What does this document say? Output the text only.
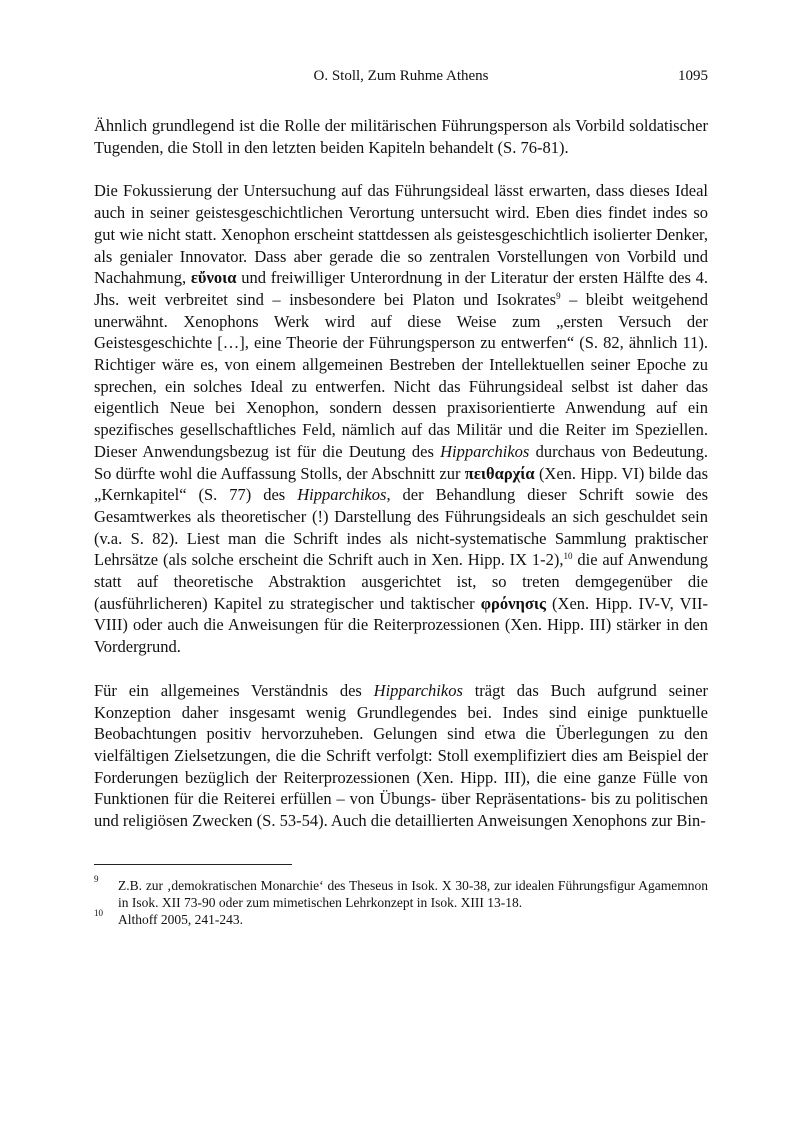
O. Stoll, Zum Ruhme Athens	1095

Ähnlich grundlegend ist die Rolle der militärischen Führungsperson als Vorbild soldatischer Tugenden, die Stoll in den letzten beiden Kapiteln behandelt (S. 76-81).

Die Fokussierung der Untersuchung auf das Führungsideal lässt erwarten, dass dieses Ideal auch in seiner geistesgeschichtlichen Verortung untersucht wird. Eben dies findet indes so gut wie nicht statt. Xenophon erscheint stattdessen als geistesgeschichtlich isolierter Denker, als genialer Innovator. Dass aber gerade die so zentralen Vorstellungen von Vorbild und Nachahmung, εὔνοια und freiwilliger Unterordnung in der Literatur der ersten Hälfte des 4. Jhs. weit verbreitet sind – insbesondere bei Platon und Isokrates$^9$ – bleibt weitgehend unerwähnt. Xenophons Werk wird auf diese Weise zum „ersten Versuch der Geistesgeschichte […], eine Theorie der Führungsperson zu entwerfen“ (S. 82, ähnlich 11). Richtiger wäre es, von einem allgemeinen Bestreben der Intellektuellen seiner Epoche zu sprechen, ein solches Ideal zu entwerfen. Nicht das Führungsideal selbst ist daher das eigentlich Neue bei Xenophon, sondern dessen praxisorientierte Anwendung auf ein spezifisches gesellschaftliches Feld, nämlich auf das Militär und die Reiter im Speziellen. Dieser Anwendungsbezug ist für die Deutung des Hipparchikos durchaus von Bedeutung. So dürfte wohl die Auffassung Stolls, der Abschnitt zur πειθαρχία (Xen. Hipp. VI) bilde das „Kernkapitel“ (S. 77) des Hipparchikos, der Behandlung dieser Schrift sowie des Gesamtwerkes als theoretischer (!) Darstellung des Führungsideals an sich geschuldet sein (v.a. S. 82). Liest man die Schrift indes als nicht-systematische Sammlung praktischer Lehrsätze (als solche erscheint die Schrift auch in Xen. Hipp. IX 1-2),$^{10}$ die auf Anwendung statt auf theoretische Abstraktion ausgerichtet ist, so treten demgegenüber die (ausführlicheren) Kapitel zu strategischer und taktischer φρόνησις (Xen. Hipp. IV-V, VII-VIII) oder auch die Anweisungen für die Reiterprozessionen (Xen. Hipp. III) stärker in den Vordergrund.

Für ein allgemeines Verständnis des Hipparchikos trägt das Buch aufgrund seiner Konzeption daher insgesamt wenig Grundlegendes bei. Indes sind einige punktuelle Beobachtungen positiv hervorzuheben. Gelungen sind etwa die Überlegungen zu den vielfältigen Zielsetzungen, die die Schrift verfolgt: Stoll exemplifiziert dies am Beispiel der Forderungen bezüglich der Reiterprozessionen (Xen. Hipp. III), die eine ganze Fülle von Funktionen für die Reiterei erfüllen – von Übungs- über Repräsentations- bis zu politischen und religiösen Zwecken (S. 53-54). Auch die detaillierten Anweisungen Xenophons zur Bin-

9 Z.B. zur ‚demokratischen Monarchie‘ des Theseus in Isok. X 30-38, zur idealen Führungsfigur Agamemnon in Isok. XII 73-90 oder zum mimetischen Lehrkonzept in Isok. XIII 13-18.

10 Althoff 2005, 241-243.
